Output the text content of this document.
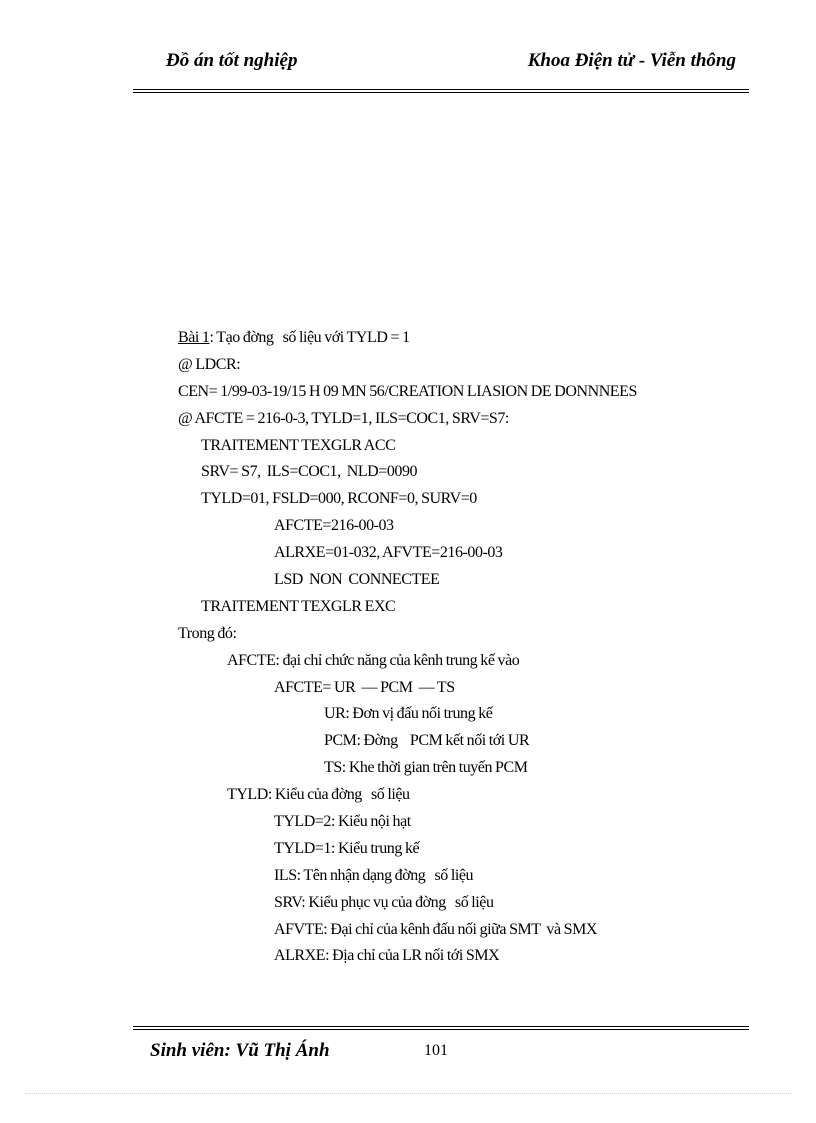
Đồ án tốt nghiệp	Khoa Điện tử - Viễn thông
Bài 1: Tạo đờng   số liệu với TYLD = 1
@ LDCR:
CEN= 1/99-03-19/15 H 09 MN 56/CREATION LIASION DE DONNNEES
@ AFCTE = 216-0-3, TYLD=1, ILS=COC1, SRV=S7:
TRAITEMENT TEXGLR ACC
SRV= S7,  ILS=COC1,  NLD=0090
TYLD=01, FSLD=000, RCONF=0, SURV=0
AFCTE=216-00-03
ALRXE=01-032, AFVTE=216-00-03
LSD  NON  CONNECTEE
TRAITEMENT TEXGLR EXC
Trong đó:
AFCTE: đại chỉ chức năng của kênh trung kế vào
AFCTE= UR  — PCM  — TS
UR: Đơn vị đấu nối trung kế
PCM: Đờng    PCM kết nối tới UR
TS: Khe thời gian trên tuyến PCM
TYLD: Kiểu của đờng   số liệu
TYLD=2: Kiểu nội hạt
TYLD=1: Kiểu trung kế
ILS: Tên nhận dạng đờng   số liệu
SRV: Kiểu phục vụ của đờng   số liệu
AFVTE: Đại chỉ của kênh đấu nối giữa SMT  và SMX
ALRXE: Địa chỉ của LR nối tới SMX
Sinh viên: Vũ Thị Ánh	101
